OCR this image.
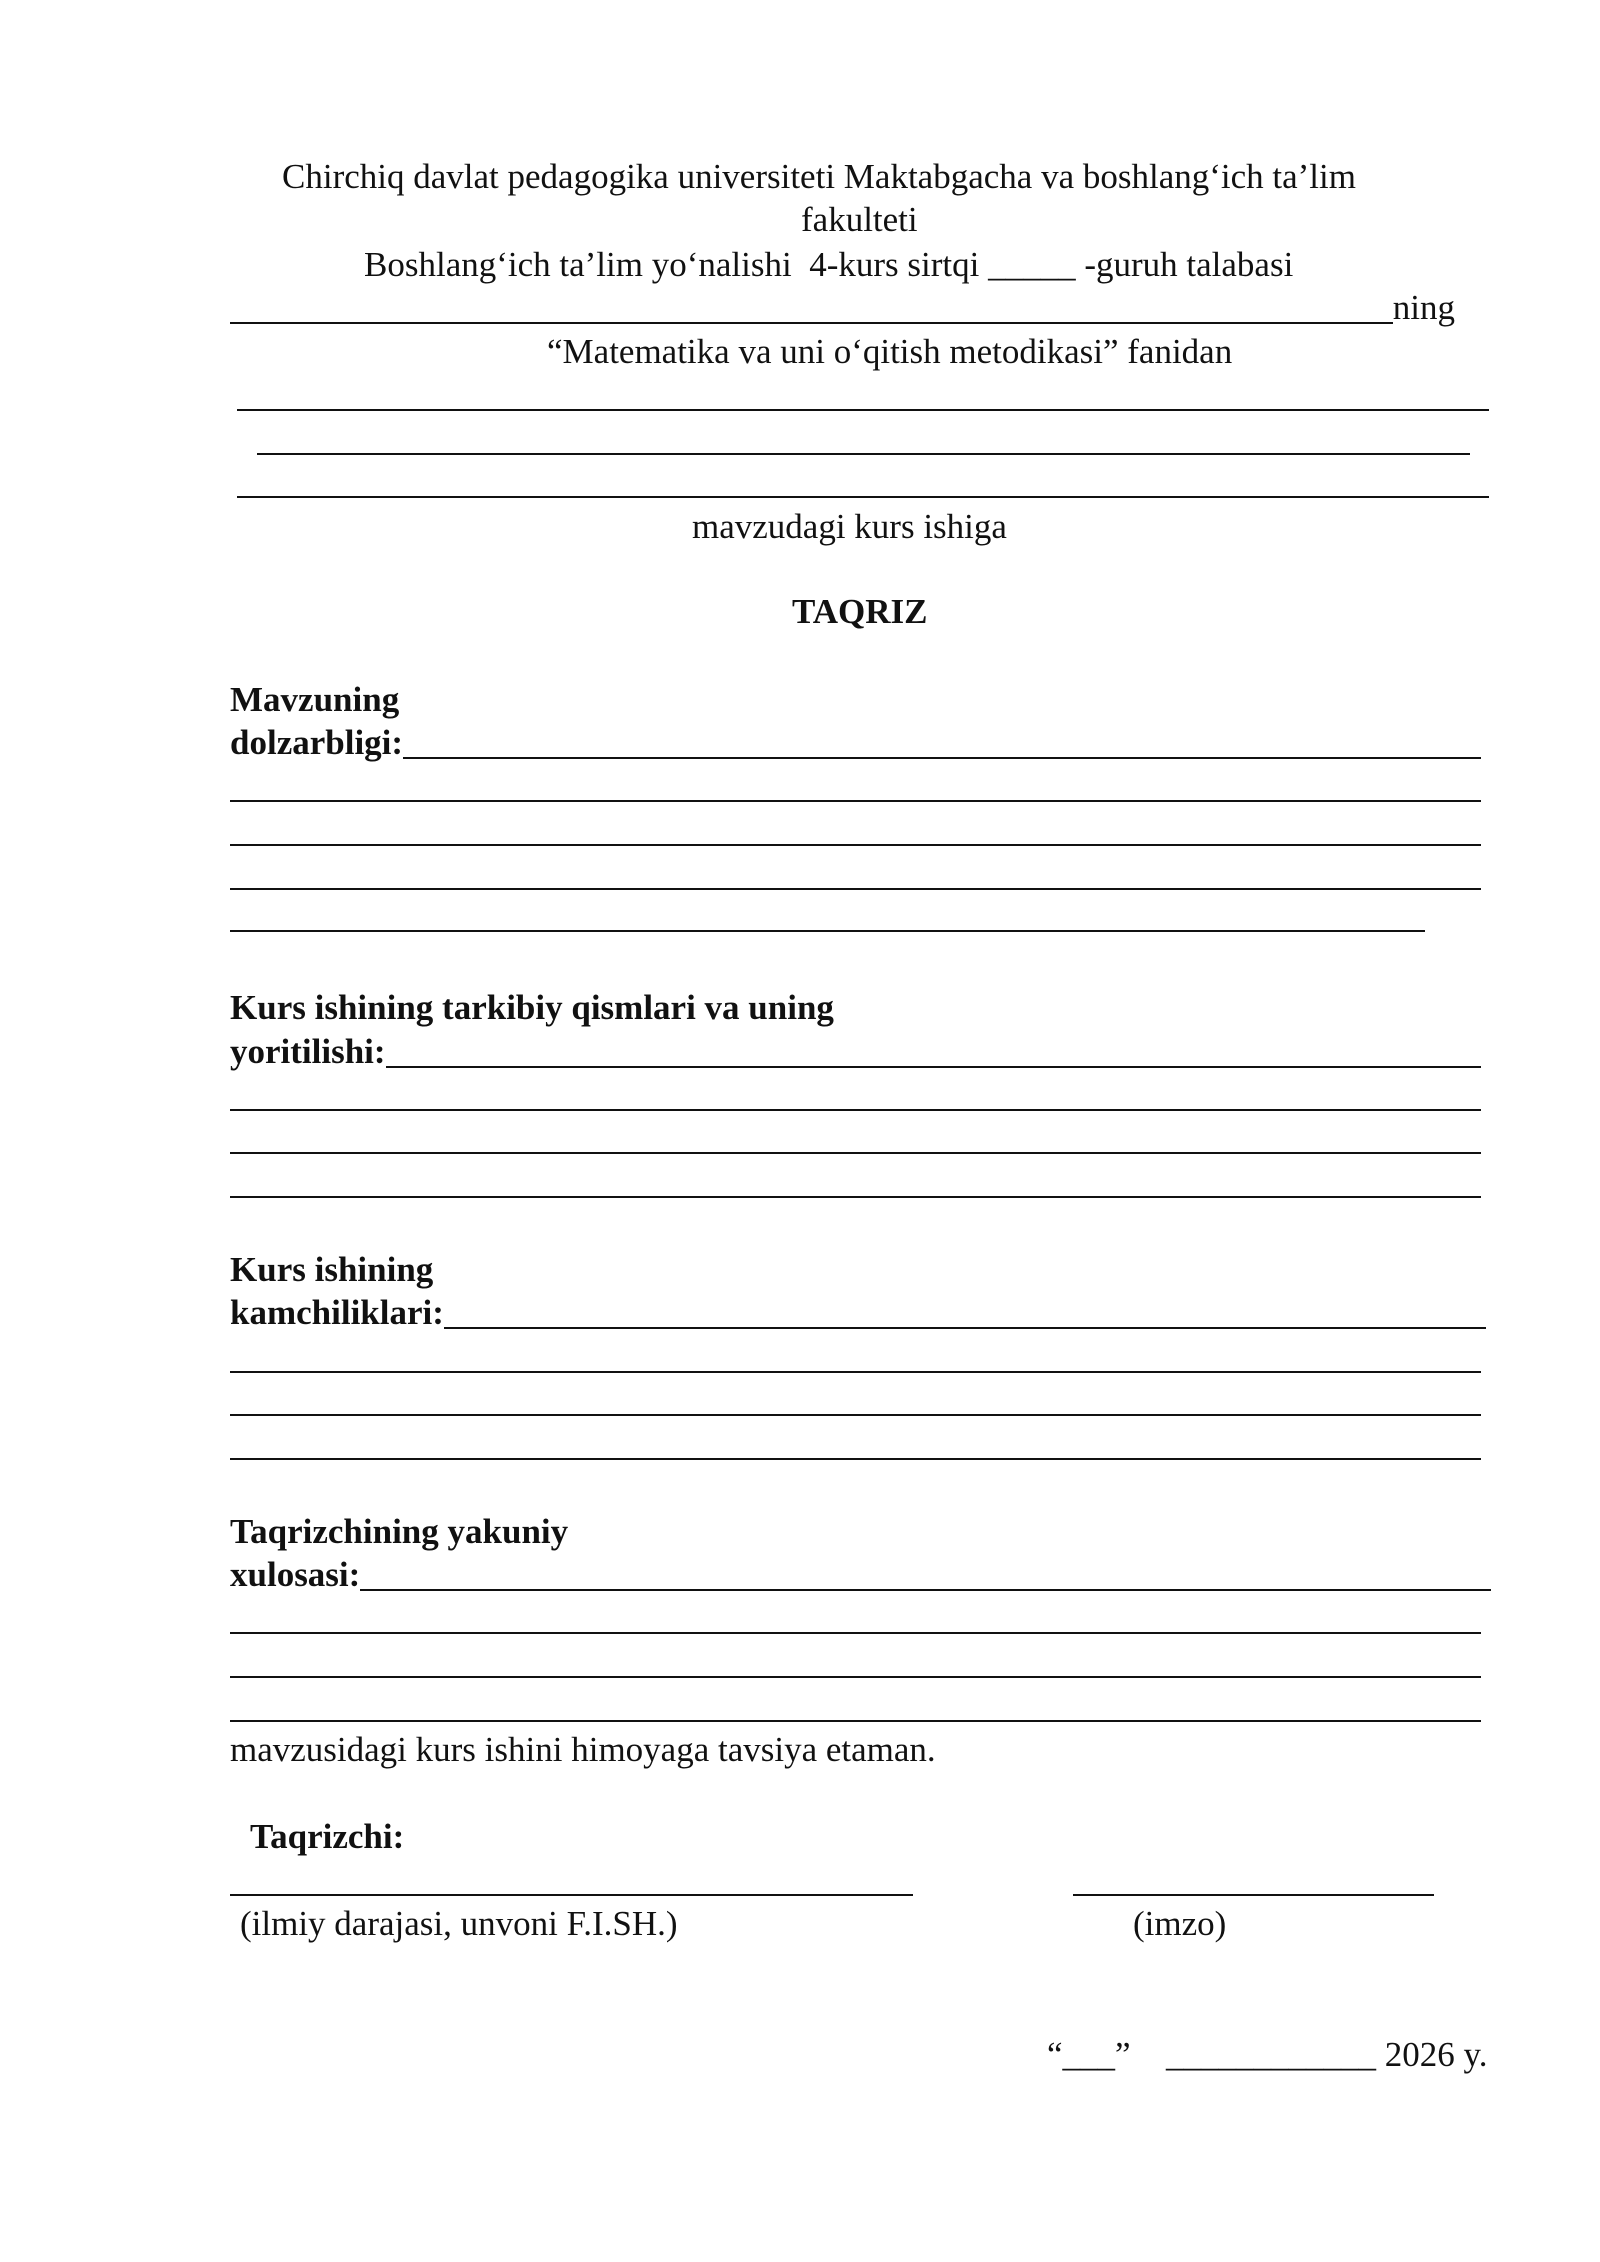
Chirchiq davlat pedagogika universiteti Maktabgacha va boshlang‘ich ta’lim
fakulteti
Boshlang‘ich ta’lim yo‘nalishi  4-kurs sirtqi _____ -guruh talabasi
ning
“Matematika va uni o‘qitish metodikasi” fanidan
mavzudagi kurs ishiga
TAQRIZ
Mavzuning
dolzarbligi:
Kurs ishining tarkibiy qismlari va uning
yoritilishi:
Kurs ishining
kamchiliklari:
Taqrizchining yakuniy
xulosasi:
mavzusidagi kurs ishini himoyaga tavsiya etaman.
Taqrizchi:
(ilmiy darajasi, unvoni F.I.SH.)	(imzo)
“___” ____________ 2026 y.
